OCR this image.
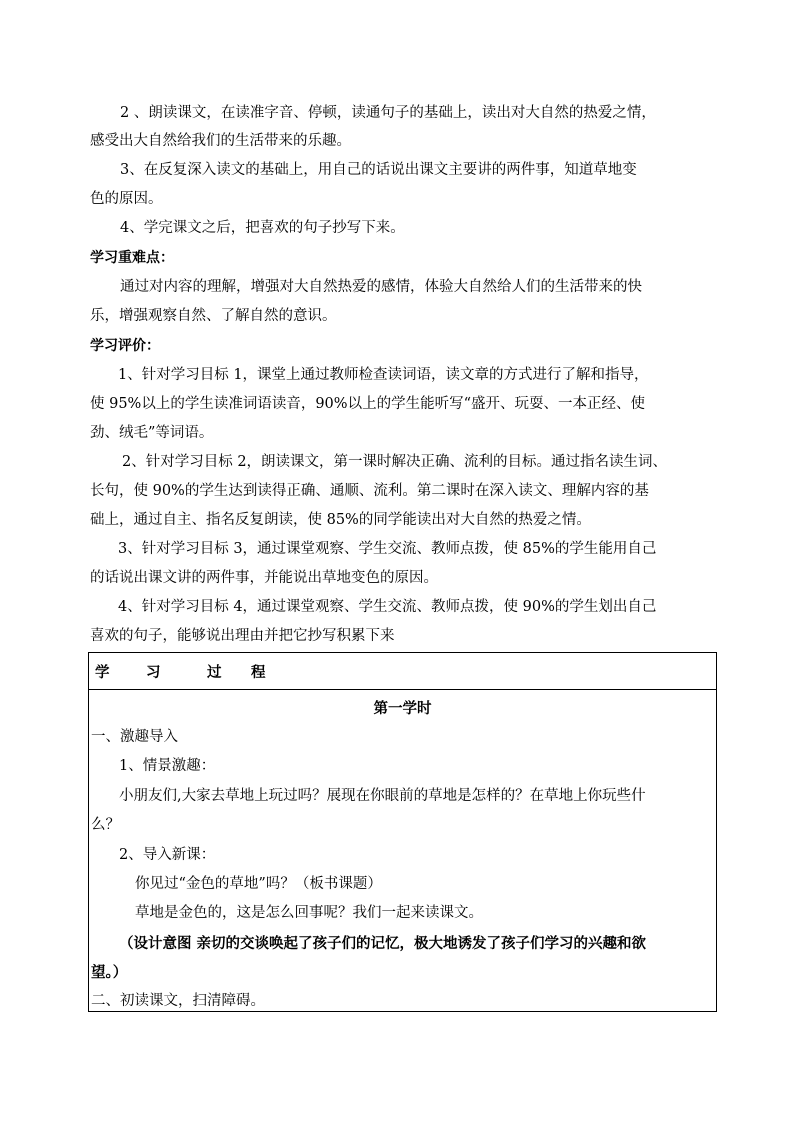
2 、朗读课文，在读准字音、停顿，读通句子的基础上，读出对大自然的热爱之情，
感受出大自然给我们的生活带来的乐趣。
3、在反复深入读文的基础上，用自己的话说出课文主要讲的两件事，知道草地变
色的原因。
4、学完课文之后，把喜欢的句子抄写下来。
学习重难点：
通过对内容的理解，增强对大自然热爱的感情，体验大自然给人们的生活带来的快
乐，增强观察自然、了解自然的意识。
学习评价：
1、针对学习目标 1，课堂上通过教师检查读词语，读文章的方式进行了解和指导，
使 95%以上的学生读准词语读音，90%以上的学生能听写“盛开、玩耍、一本正经、使
劲、绒毛”等词语。
2、针对学习目标 2，朗读课文，第一课时解决正确、流利的目标。通过指名读生词、
长句，使 90%的学生达到读得正确、通顺、流利。第二课时在深入读文、理解内容的基
础上，通过自主、指名反复朗读，使 85%的同学能读出对大自然的热爱之情。
3、针对学习目标 3，通过课堂观察、学生交流、教师点拨，使 85%的学生能用自己
的话说出课文讲的两件事，并能说出草地变色的原因。
4、针对学习目标 4，通过课堂观察、学生交流、教师点拨，使 90%的学生划出自己
喜欢的句子，能够说出理由并把它抄写积累下来
学	习	过 程
第一学时
一、激趣导入
1、情景激趣：
小朋友们,大家去草地上玩过吗？展现在你眼前的草地是怎样的？在草地上你玩些什
么？
2、导入新课：
你见过“金色的草地”吗？（板书课题）
草地是金色的，这是怎么回事呢？我们一起来读课文。
（设计意图 亲切的交谈唤起了孩子们的记忆，极大地诱发了孩子们学习的兴趣和欲
望。）
二、初读课文，扫清障碍。
